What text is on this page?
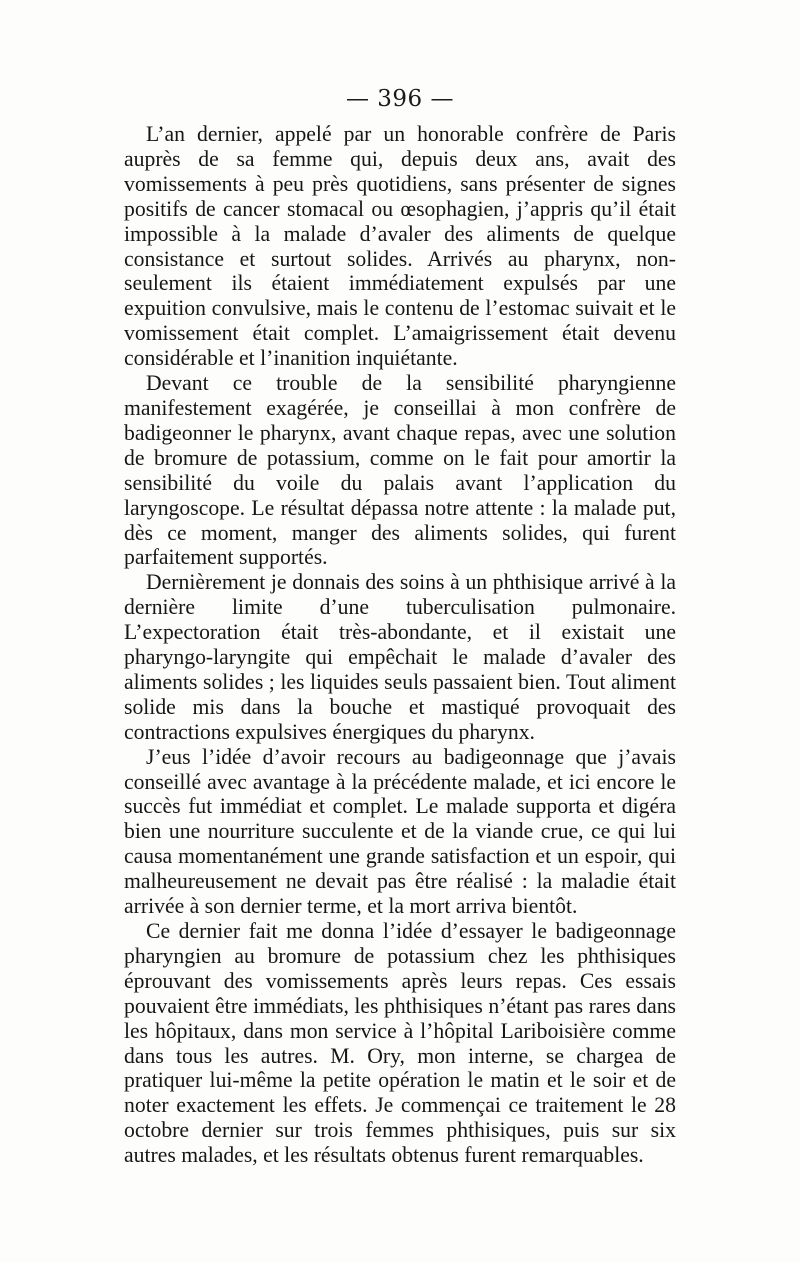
— 396 —

L’an dernier, appelé par un honorable confrère de Paris auprès de sa femme qui, depuis deux ans, avait des vomissements à peu près quotidiens, sans présenter de signes positifs de cancer stomacal ou œsophagien, j’appris qu’il était impossible à la malade d’avaler des aliments de quelque consistance et surtout solides. Arrivés au pharynx, non-seulement ils étaient immédiatement expulsés par une expuition convulsive, mais le contenu de l’estomac suivait et le vomissement était complet. L’amaigrissement était devenu considérable et l’inanition inquiétante.

Devant ce trouble de la sensibilité pharyngienne manifestement exagérée, je conseillai à mon confrère de badigeonner le pharynx, avant chaque repas, avec une solution de bromure de potassium, comme on le fait pour amortir la sensibilité du voile du palais avant l’application du laryngoscope. Le résultat dépassa notre attente : la malade put, dès ce moment, manger des aliments solides, qui furent parfaitement supportés.

Dernièrement je donnais des soins à un phthisique arrivé à la dernière limite d’une tuberculisation pulmonaire. L’expectoration était très-abondante, et il existait une pharyngo-laryngite qui empêchait le malade d’avaler des aliments solides ; les liquides seuls passaient bien. Tout aliment solide mis dans la bouche et mastiqué provoquait des contractions expulsives énergiques du pharynx.

J’eus l’idée d’avoir recours au badigeonnage que j’avais conseillé avec avantage à la précédente malade, et ici encore le succès fut immédiat et complet. Le malade supporta et digéra bien une nourriture succulente et de la viande crue, ce qui lui causa momentanément une grande satisfaction et un espoir, qui malheureusement ne devait pas être réalisé : la maladie était arrivée à son dernier terme, et la mort arriva bientôt.

Ce dernier fait me donna l’idée d’essayer le badigeonnage pharyngien au bromure de potassium chez les phthisiques éprouvant des vomissements après leurs repas. Ces essais pouvaient être immédiats, les phthisiques n’étant pas rares dans les hôpitaux, dans mon service à l’hôpital Lariboisière comme dans tous les autres. M. Ory, mon interne, se chargea de pratiquer lui-même la petite opération le matin et le soir et de noter exactement les effets. Je commençai ce traitement le 28 octobre dernier sur trois femmes phthisiques, puis sur six autres malades, et les résultats obtenus furent remarquables.
